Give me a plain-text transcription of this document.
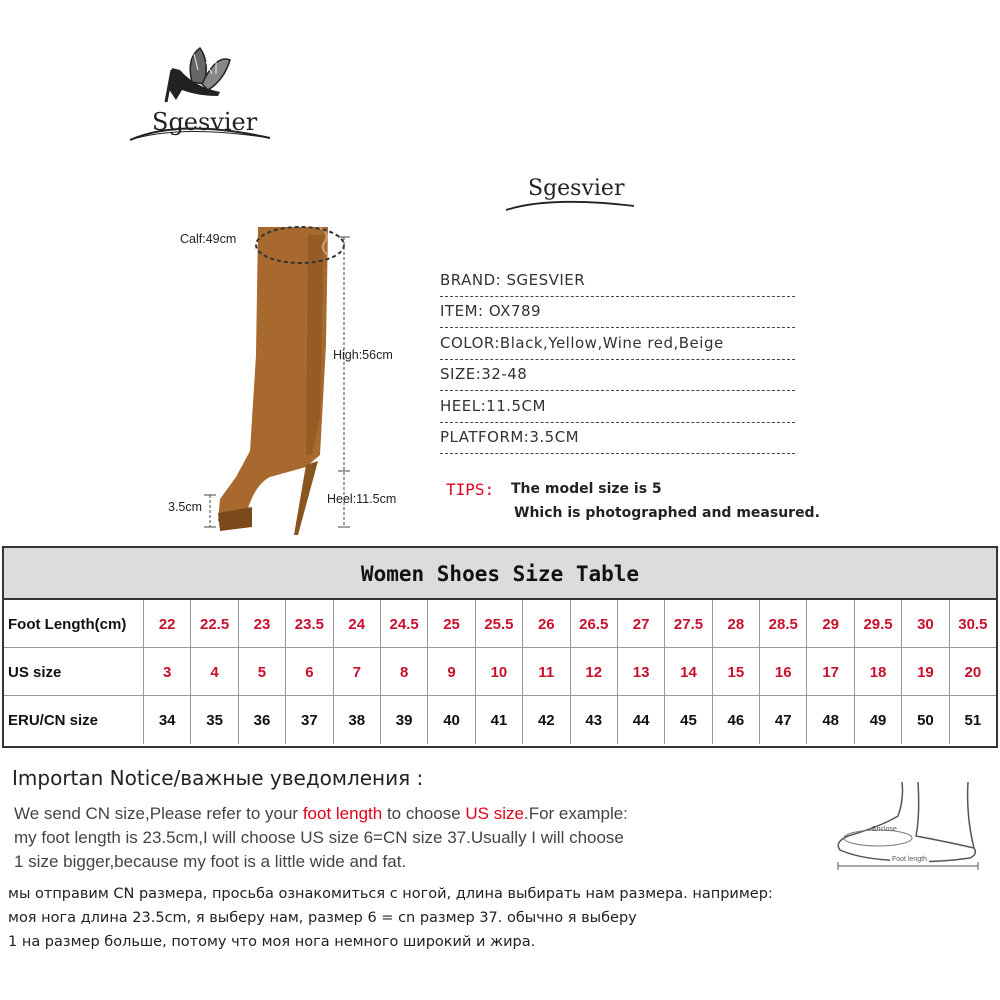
Sgesvier
Sgesvier
Calf:49cm
High:56cm
3.5cm
Heel:11.5cm
BRAND: SGESVIER
ITEM: OX789
COLOR:Black,Yellow,Wine red,Beige
SIZE:32-48
HEEL:11.5CM
PLATFORM:3.5CM
TIPS: The model size is 5
Which is photographed and measured.
Women Shoes Size Table
Foot Length(cm)	22	22.5	23	23.5	24	24.5	25	25.5	26	26.5	27	27.5	28	28.5	29	29.5	30	30.5
US size	3	4	5	6	7	8	9	10	11	12	13	14	15	16	17	18	19	20
ERU/CN size	34	35	36	37	38	39	40	41	42	43	44	45	46	47	48	49	50	51
Importan Notice/важные уведомления :
We send CN size,Please refer to your foot length to choose US size.For example:
my foot length is 23.5cm,I will choose US size 6=CN size 37.Usually I will choose
1 size bigger,because my foot is a little wide and fat.
мы отправим CN размера, просьба ознакомиться с ногой, длина выбирать нам размера. например:
моя нога длина 23.5cm, я выберу нам, размер 6 = cn размер 37. обычно я выберу
1 на размер больше, потому что моя нога немного широкий и жира.
Enclose
Foot length
